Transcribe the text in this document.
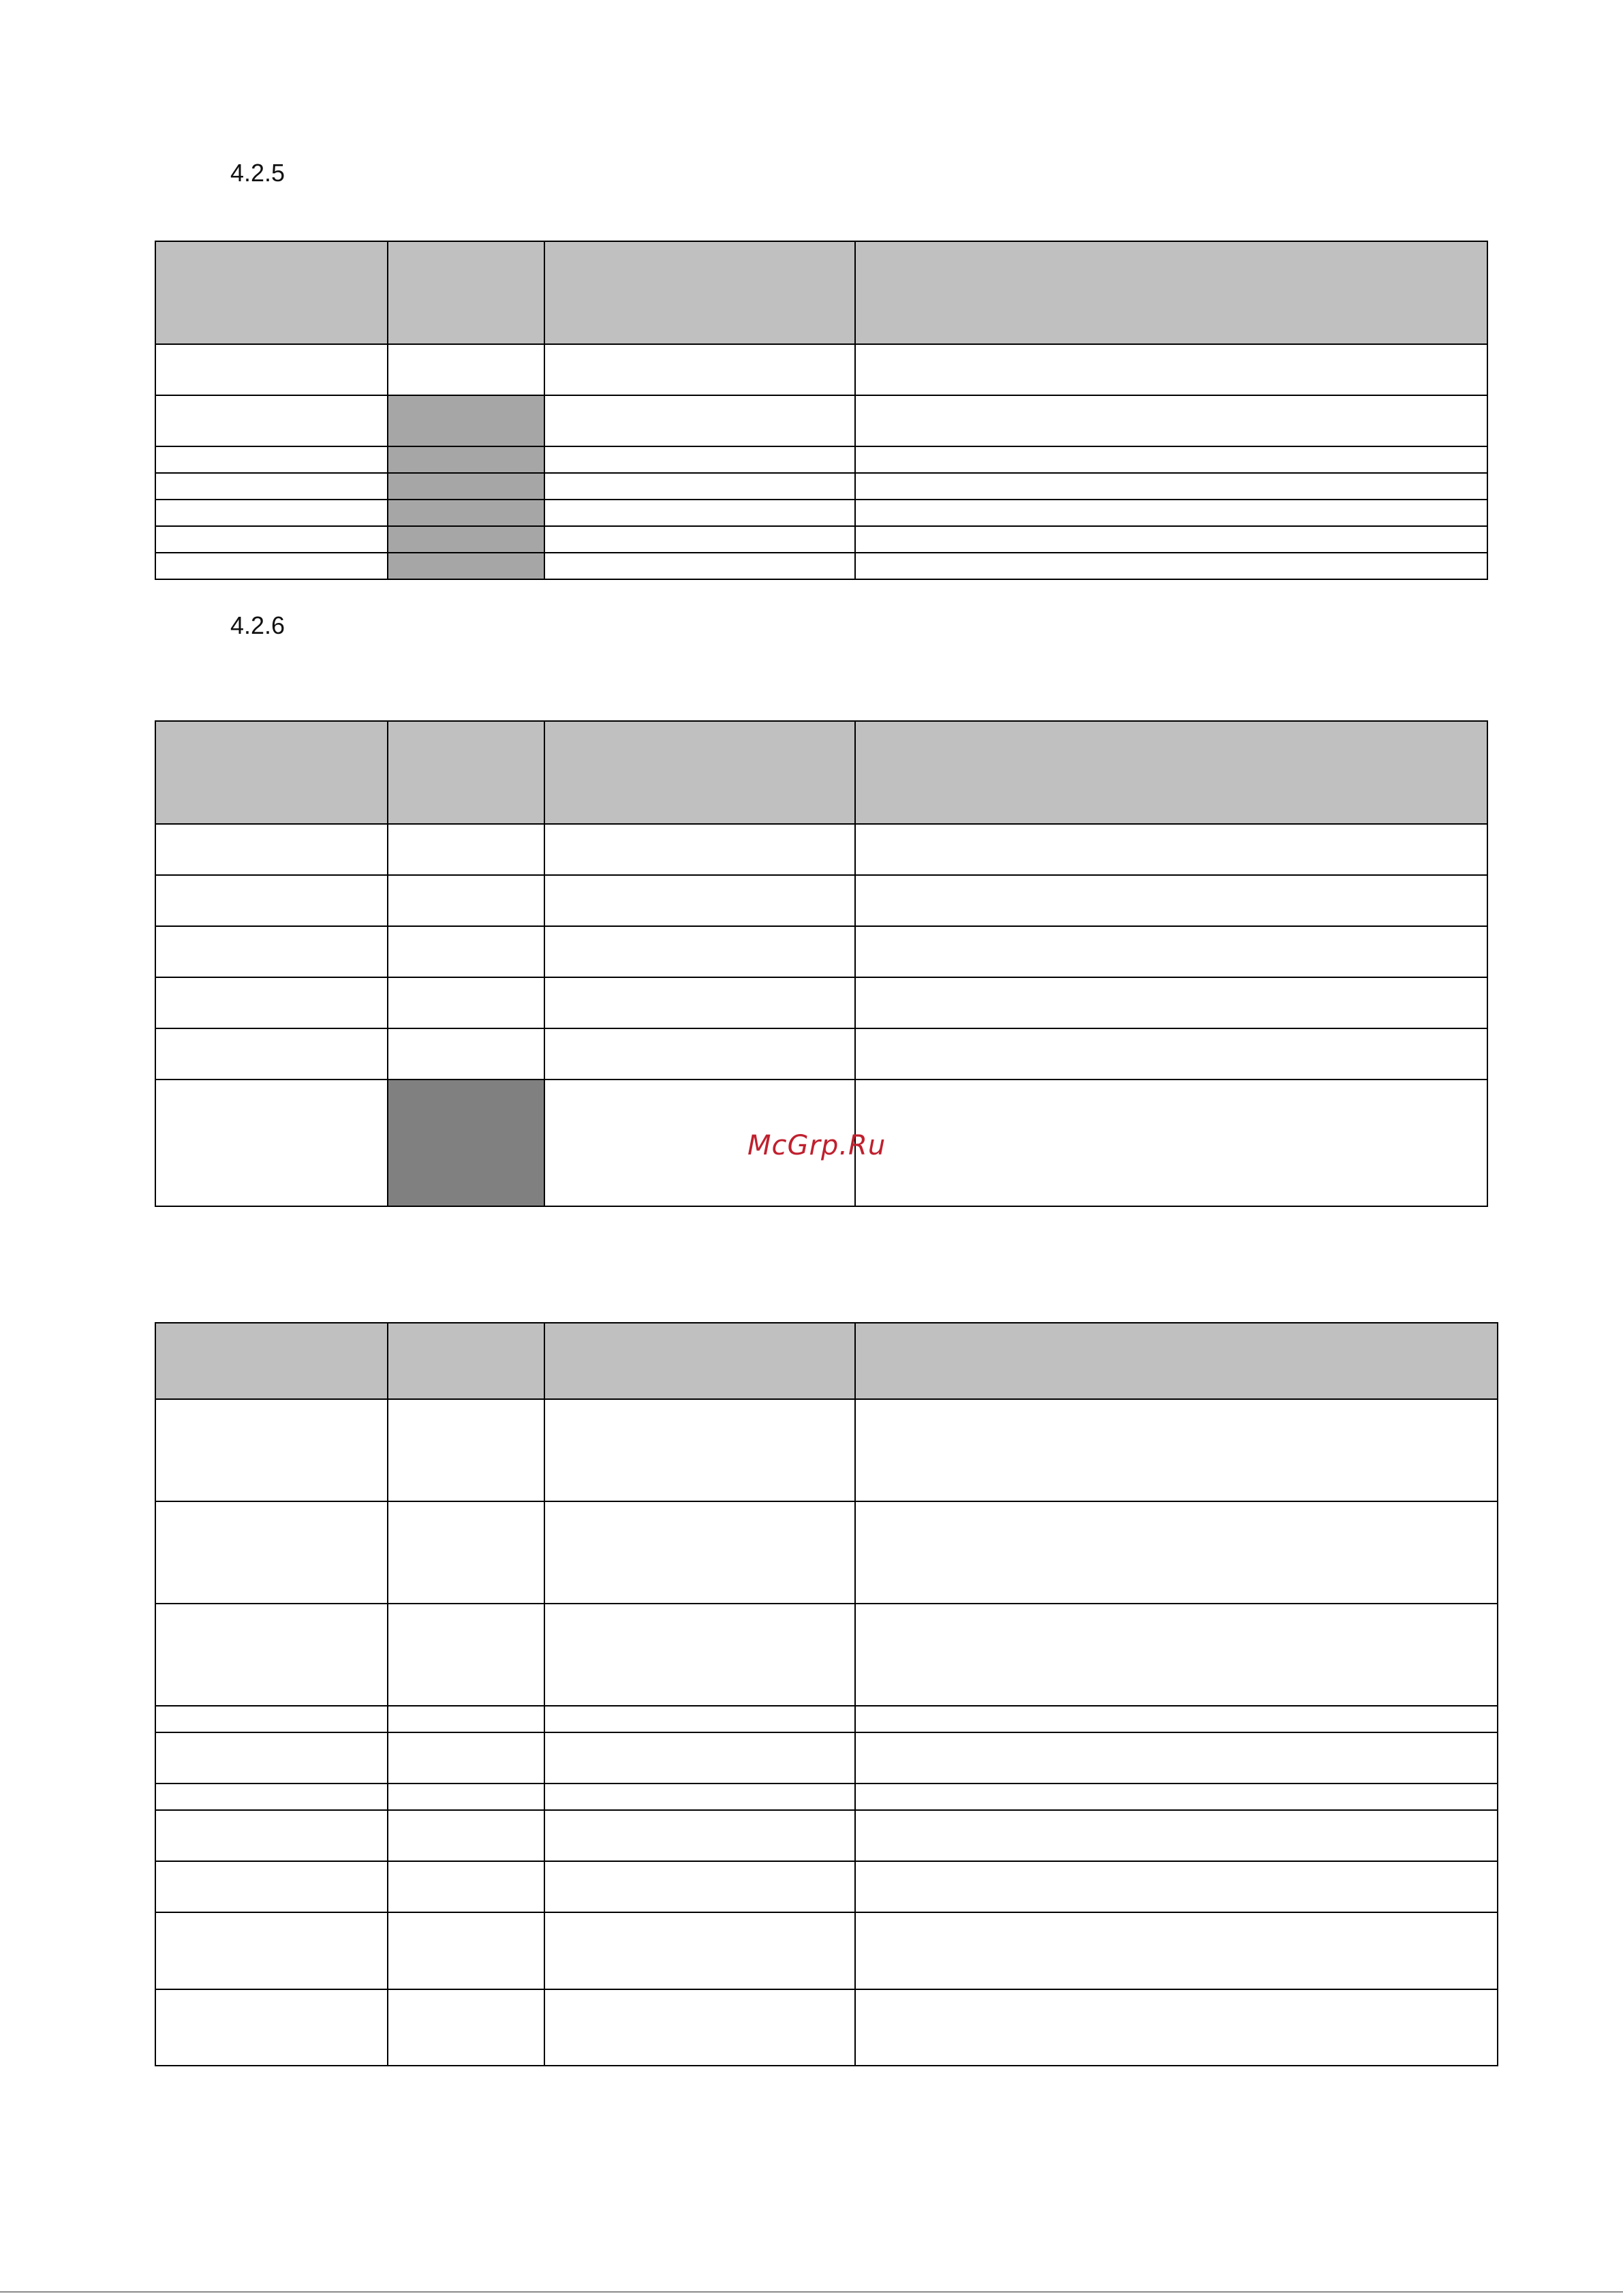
4.2.5

4.2.6

McGrp.Ru
